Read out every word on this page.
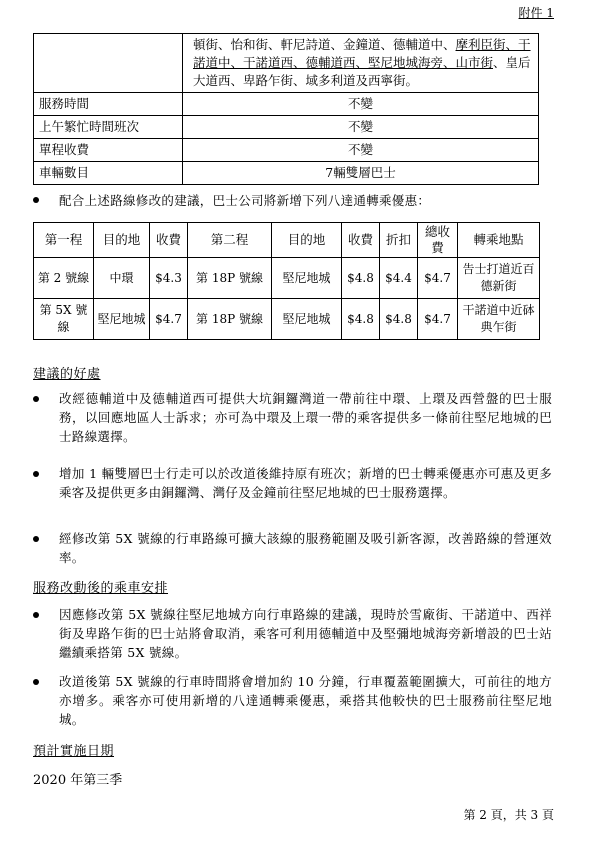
附件 1
	頓街、怡和街、軒尼詩道、金鐘道、德輔道中、摩利臣街、干諾道中、干諾道西、德輔道西、堅尼地城海旁、山市街、皇后大道西、卑路乍街、域多利道及西寧街。
服務時間	不變
上午繁忙時間班次	不變
單程收費	不變
車輛數目	7輛雙層巴士
配合上述路線修改的建議，巴士公司將新增下列八達通轉乘優惠：
第一程	目的地	收費	第二程	目的地	收費	折扣	總收費	轉乘地點
第 2 號線	中環	$4.3	第 18P 號線	堅尼地城	$4.8	$4.4	$4.7	告士打道近百德新街
第 5X 號線	堅尼地城	$4.7	第 18P 號線	堅尼地城	$4.8	$4.8	$4.7	干諾道中近砵典乍街
建議的好處
改經德輔道中及德輔道西可提供大坑銅鑼灣道一帶前往中環、上環及西營盤的巴士服務，以回應地區人士訴求；亦可為中環及上環一帶的乘客提供多一條前往堅尼地城的巴士路線選擇。
增加 1 輛雙層巴士行走可以於改道後維持原有班次；新增的巴士轉乘優惠亦可惠及更多乘客及提供更多由銅鑼灣、灣仔及金鐘前往堅尼地城的巴士服務選擇。
經修改第 5X 號線的行車路線可擴大該線的服務範圍及吸引新客源，改善路線的營運效率。
服務改動後的乘車安排
因應修改第 5X 號線往堅尼地城方向行車路線的建議，現時於雪廠街、干諾道中、西祥街及卑路乍街的巴士站將會取消，乘客可利用德輔道中及堅彌地城海旁新增設的巴士站繼續乘搭第 5X 號線。
改道後第 5X 號線的行車時間將會增加約 10 分鐘，行車覆蓋範圍擴大，可前往的地方亦增多。乘客亦可使用新增的八達通轉乘優惠，乘搭其他較快的巴士服務前往堅尼地城。
預計實施日期
2020 年第三季
第 2 頁，共 3 頁
